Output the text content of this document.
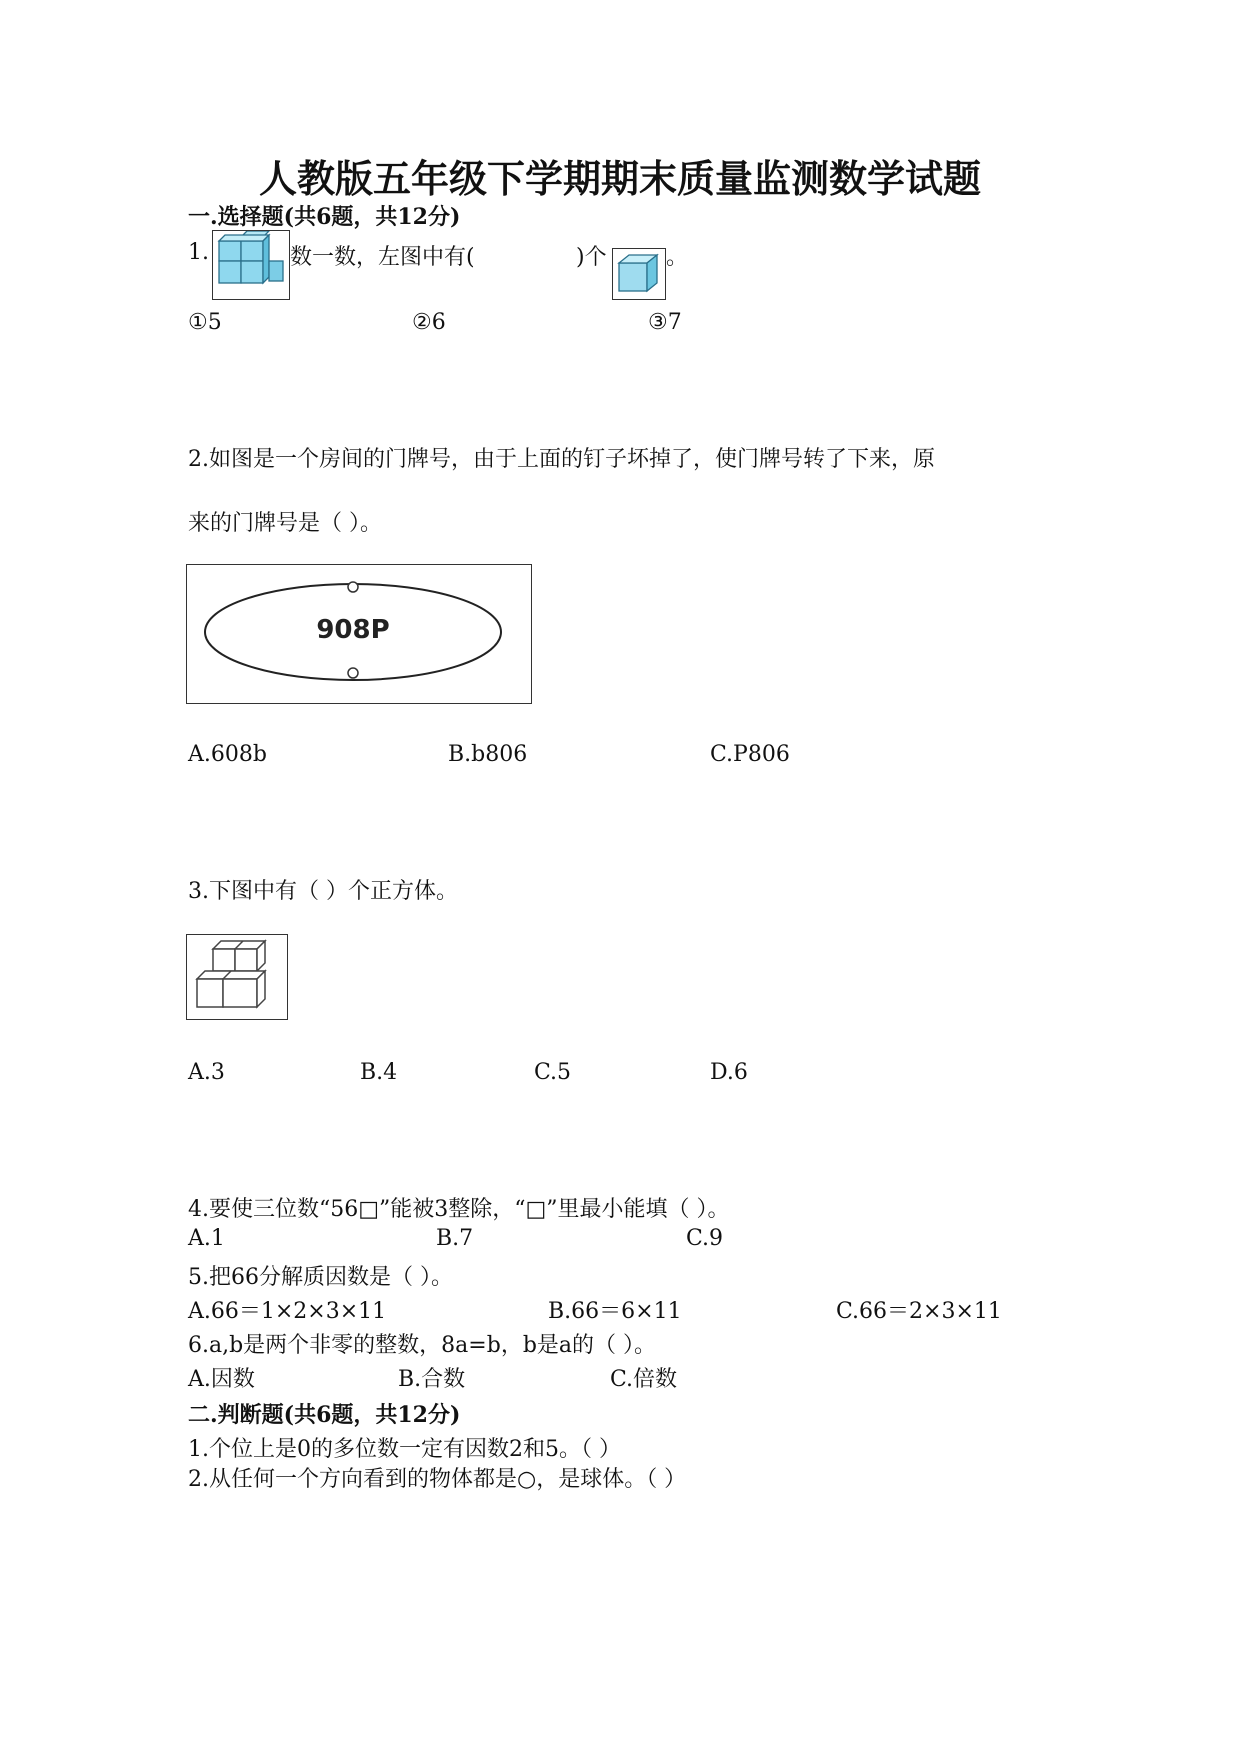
人教版五年级下学期期末质量监测数学试题
一.选择题(共6题，共12分)
1.	数一数，左图中有(	)个	。
①5	②6	③7
2.如图是一个房间的门牌号，由于上面的钉子坏掉了，使门牌号转了下来，原
来的门牌号是（ ）。
908P
A.608b	B.b806	C.P806
3.下图中有（ ）个正方体。
A.3	B.4	C.5	D.6
4.要使三位数“56□”能被3整除，“□”里最小能填（ ）。
A.1	B.7	C.9
5.把66分解质因数是（ ）。
A.66＝1×2×3×11	B.66＝6×11	C.66＝2×3×11
6.a,b是两个非零的整数，8a=b，b是a的（ ）。
A.因数	B.合数	C.倍数
二.判断题(共6题，共12分)
1.个位上是0的多位数一定有因数2和5。（ ）
2.从任何一个方向看到的物体都是○，是球体。（ ）
